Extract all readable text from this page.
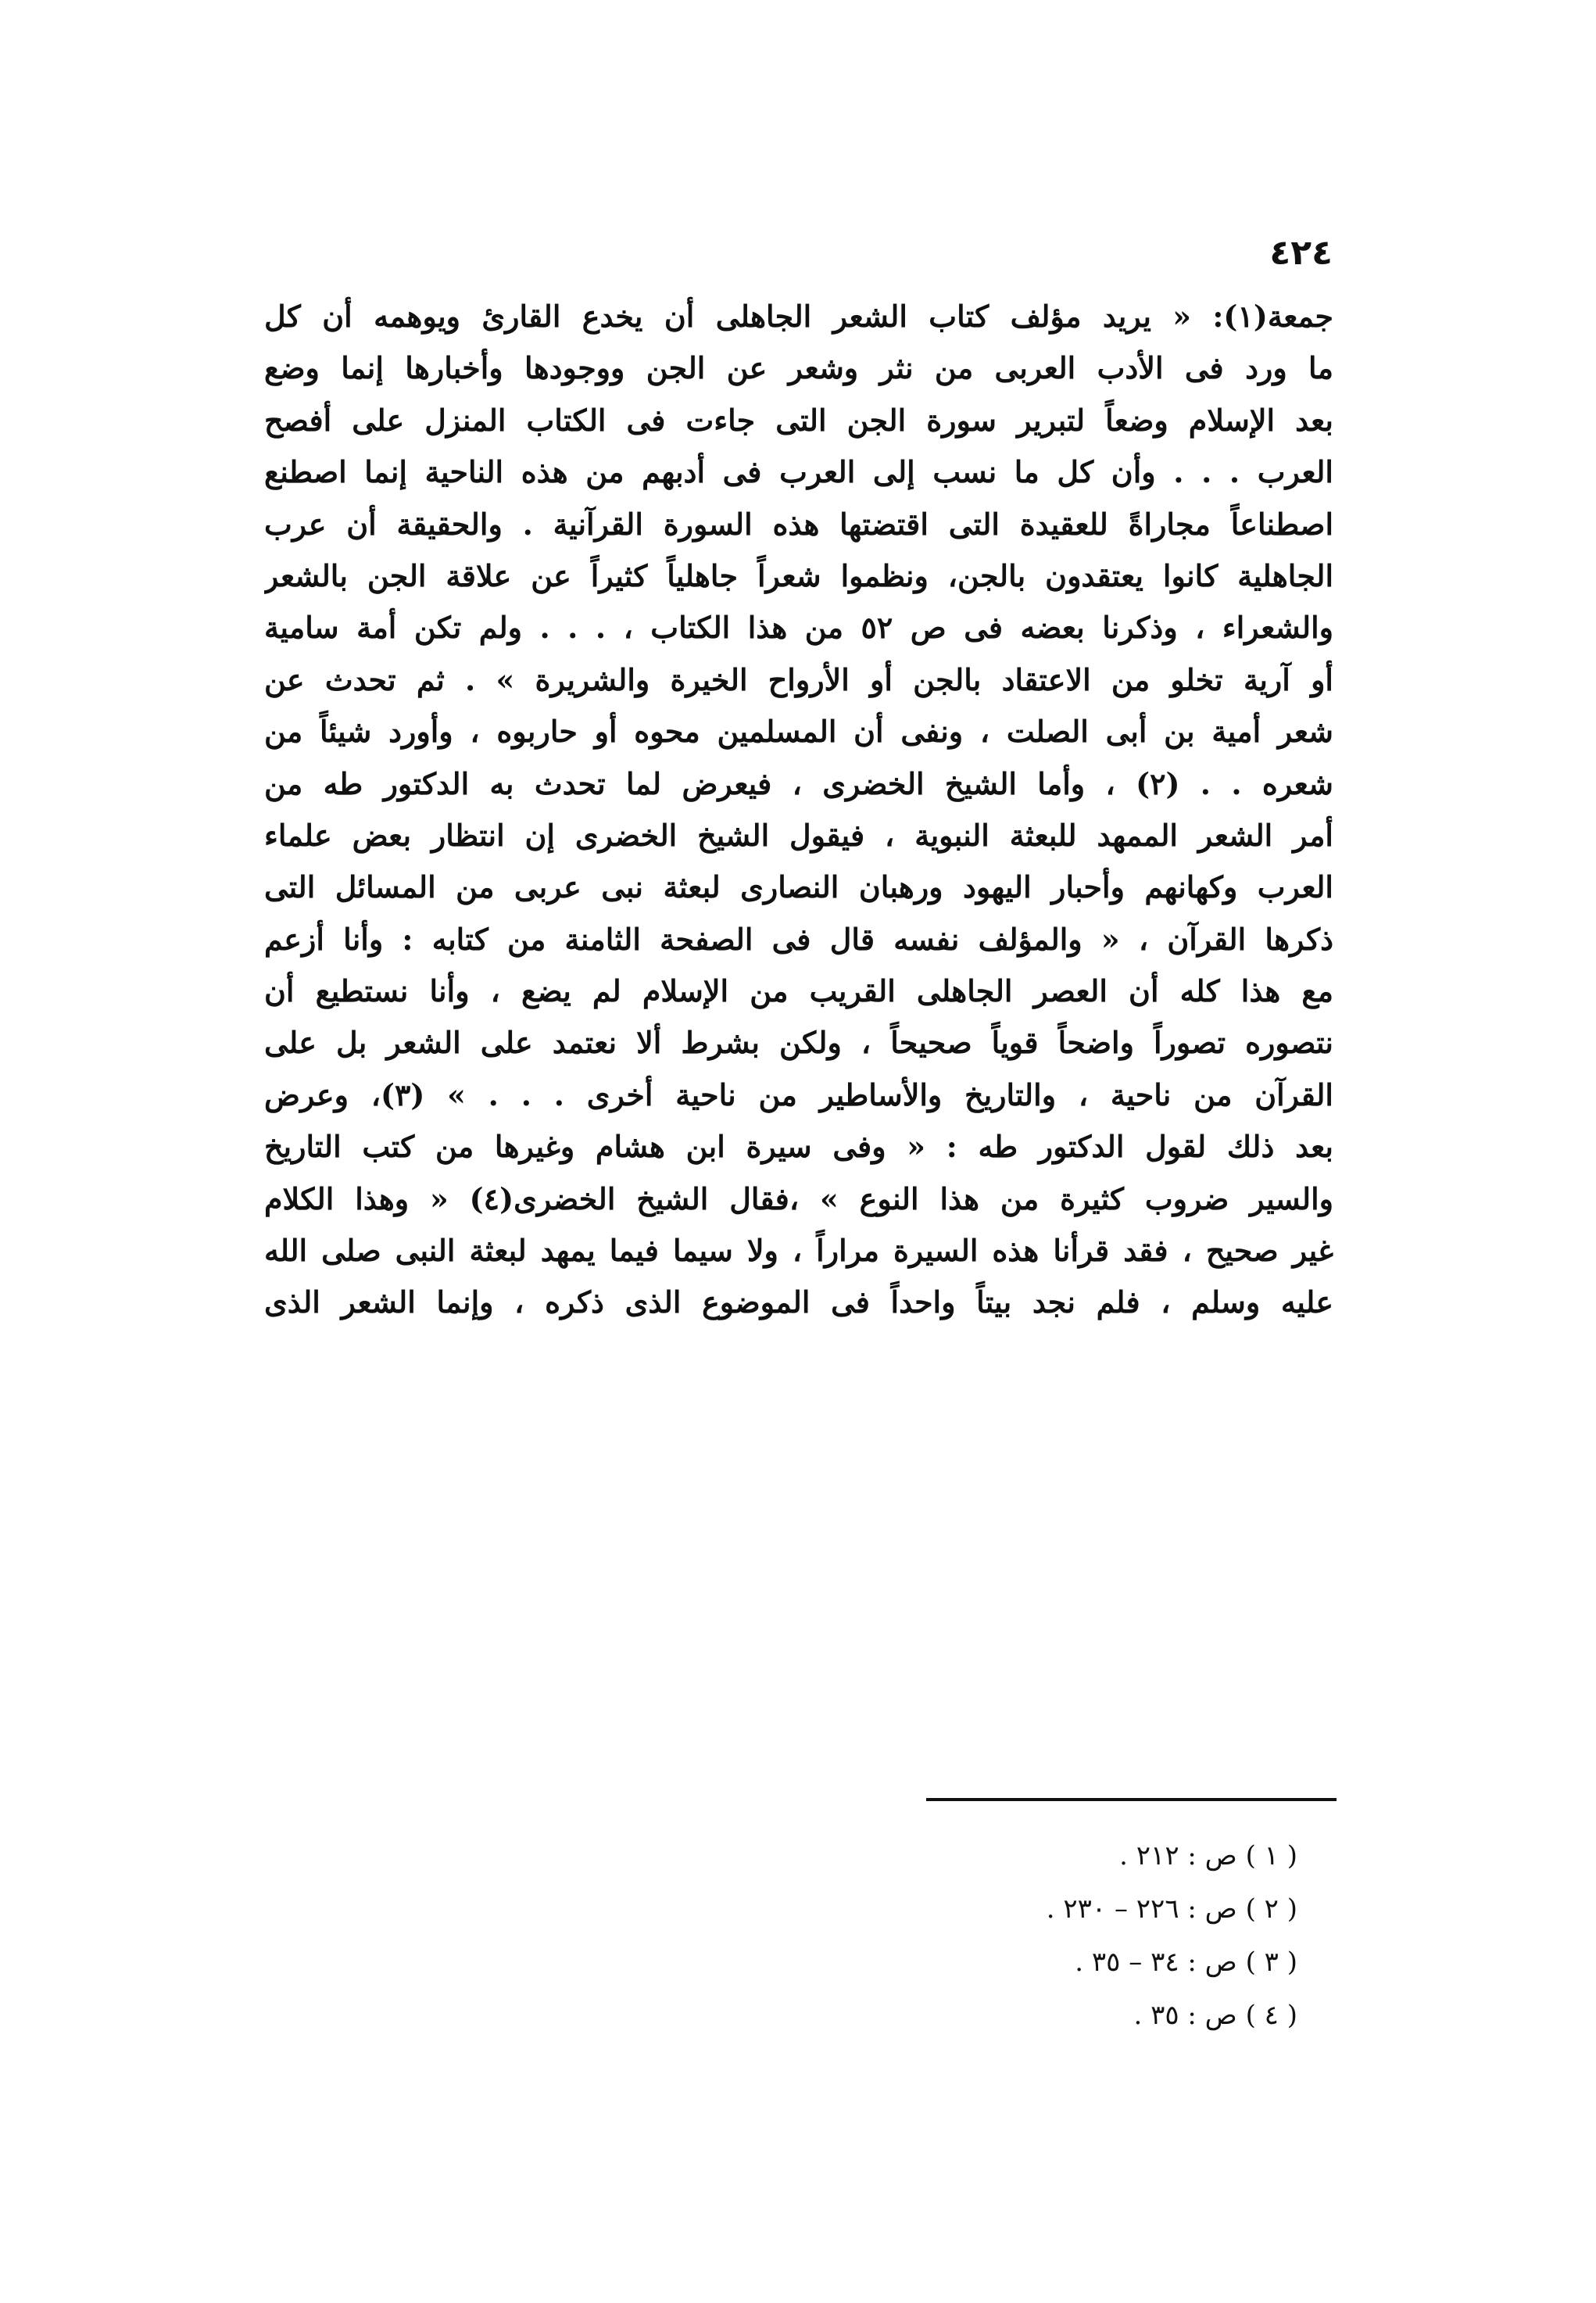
٤٢٤
جمعة(١): « يريد مؤلف كتاب الشعر الجاهلى أن يخدع القارئ ويوهمه أن كل
ما ورد فى الأدب العربى من نثر وشعر عن الجن ووجودها وأخبارها إنما وضع
بعد الإسلام وضعاً لتبرير سورة الجن التى جاءت فى الكتاب المنزل على أفصح
العرب . . . وأن كل ما نسب إلى العرب فى أدبهم من هذه الناحية إنما اصطنع
اصطناعاً مجاراةً للعقيدة التى اقتضتها هذه السورة القرآنية . والحقيقة أن عرب
الجاهلية كانوا يعتقدون بالجن، ونظموا شعراً جاهلياً كثيراً عن علاقة الجن بالشعر
والشعراء ، وذكرنا بعضه فى ص ٥٢ من هذا الكتاب ، . . . ولم تكن أمة سامية
أو آرية تخلو من الاعتقاد بالجن أو الأرواح الخيرة والشريرة » . ثم تحدث عن
شعر أمية بن أبى الصلت ، ونفى أن المسلمين محوه أو حاربوه ، وأورد شيئاً من
شعره . . (٢) ، وأما الشيخ الخضرى ، فيعرض لما تحدث به الدكتور طه من
أمر الشعر الممهد للبعثة النبوية ، فيقول الشيخ الخضرى إن انتظار بعض علماء
العرب وكهانهم وأحبار اليهود ورهبان النصارى لبعثة نبى عربى من المسائل التى
ذكرها القرآن ، « والمؤلف نفسه قال فى الصفحة الثامنة من كتابه : وأنا أزعم
مع هذا كله أن العصر الجاهلى القريب من الإسلام لم يضع ، وأنا نستطيع أن
نتصوره تصوراً واضحاً قوياً صحيحاً ، ولكن بشرط ألا نعتمد على الشعر بل على
القرآن من ناحية ، والتاريخ والأساطير من ناحية أخرى . . . » (٣)، وعرض
بعد ذلك لقول الدكتور طه : « وفى سيرة ابن هشام وغيرها من كتب التاريخ
والسير ضروب كثيرة من هذا النوع » ،فقال الشيخ الخضرى(٤) « وهذا الكلام
غير صحيح ، فقد قرأنا هذه السيرة مراراً ، ولا سيما فيما يمهد لبعثة النبى صلى الله
عليه وسلم ، فلم نجد بيتاً واحداً فى الموضوع الذى ذكره ، وإنما الشعر الذى
( ١ ) ص : ٢١٢ .
( ٢ ) ص : ٢٢٦ – ٢٣٠ .
( ٣ ) ص : ٣٤ – ٣٥ .
( ٤ ) ص : ٣٥ .
